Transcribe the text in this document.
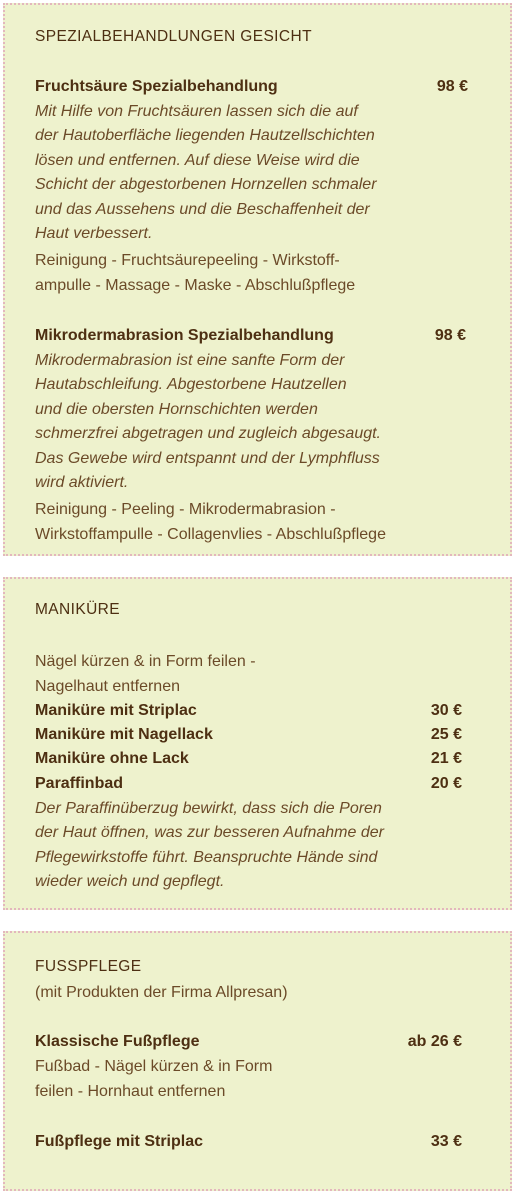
SPEZIALBEHANDLUNGEN GESICHT
Fruchtsäure Spezialbehandlung	98 €
Mit Hilfe von Fruchtsäuren lassen sich die auf
der Hautoberfläche liegenden Hautzellschichten
lösen und entfernen. Auf diese Weise wird die
Schicht der abgestorbenen Hornzellen schmaler
und das Aussehens und die Beschaffenheit der
Haut verbessert.
Reinigung - Fruchtsäurepeeling - Wirkstoff-
ampulle - Massage - Maske - Abschlußpflege
Mikrodermabrasion Spezialbehandlung	98 €
Mikrodermabrasion ist eine sanfte Form der
Hautabschleifung. Abgestorbene Hautzellen
und die obersten Hornschichten werden
schmerzfrei abgetragen und zugleich abgesaugt.
Das Gewebe wird entspannt und der Lymphfluss
wird aktiviert.
Reinigung - Peeling - Mikrodermabrasion -
Wirkstoffampulle - Collagenvlies - Abschlußpflege
MANIKÜRE
Nägel kürzen & in Form feilen -
Nagelhaut entfernen
Maniküre mit Striplac	30 €
Maniküre mit Nagellack	25 €
Maniküre ohne Lack	21 €
Paraffinbad	20 €
Der Paraffinüberzug bewirkt, dass sich die Poren
der Haut öffnen, was zur besseren Aufnahme der
Pflegewirkstoffe führt. Beanspruchte Hände sind
wieder weich und gepflegt.
FUSSPFLEGE
(mit Produkten der Firma Allpresan)
Klassische Fußpflege	ab 26 €
Fußbad - Nägel kürzen & in Form
feilen - Hornhaut entfernen
Fußpflege mit Striplac	33 €
